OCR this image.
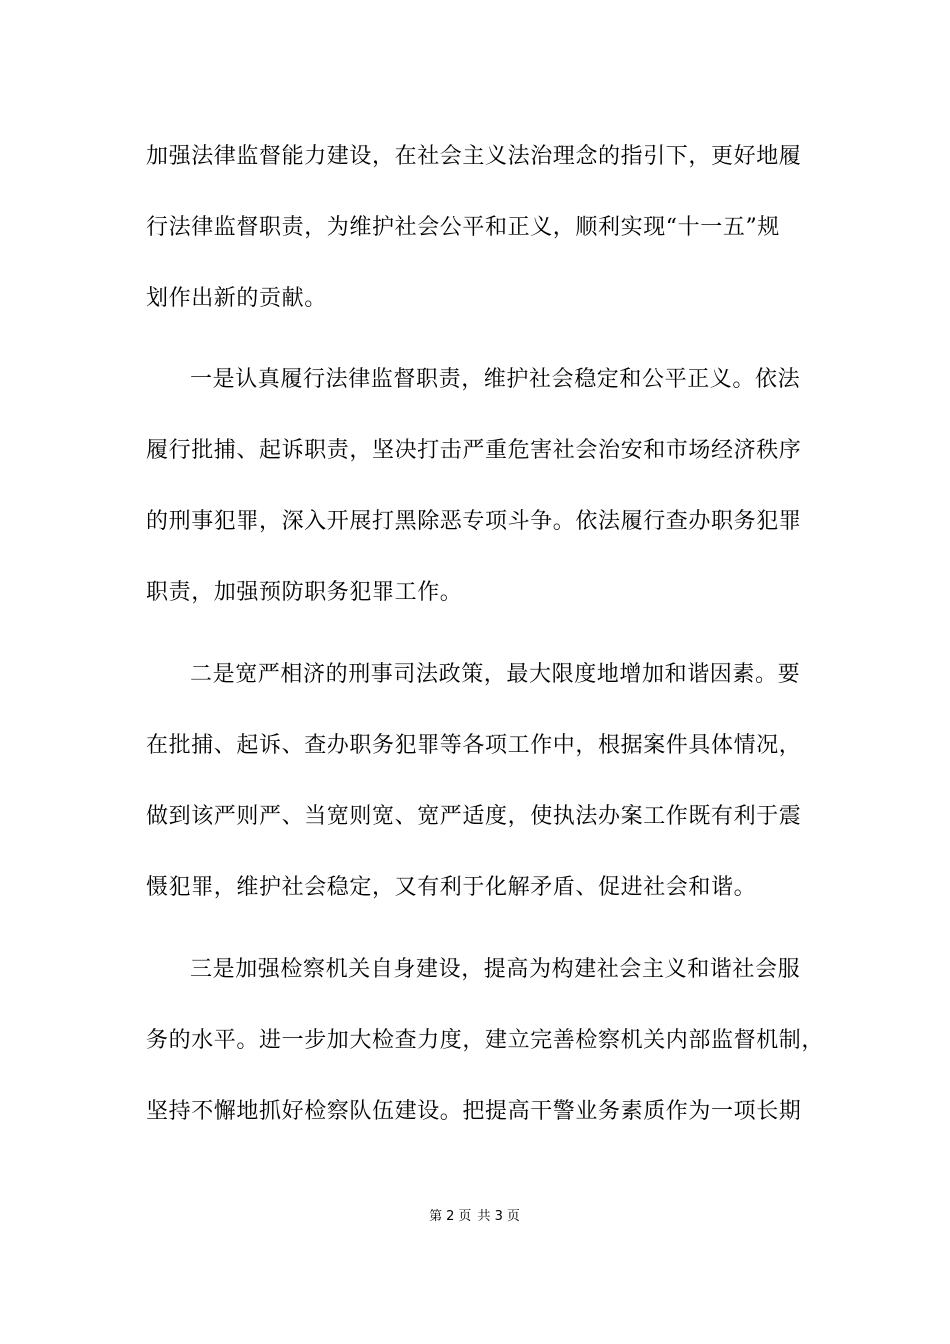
加强法律监督能力建设，在社会主义法治理念的指引下，更好地履
行法律监督职责，为维护社会公平和正义，顺利实现“十一五”规
划作出新的贡献。
一是认真履行法律监督职责，维护社会稳定和公平正义。依法
履行批捕、起诉职责，坚决打击严重危害社会治安和市场经济秩序
的刑事犯罪，深入开展打黑除恶专项斗争。依法履行查办职务犯罪
职责，加强预防职务犯罪工作。
二是宽严相济的刑事司法政策，最大限度地增加和谐因素。要
在批捕、起诉、查办职务犯罪等各项工作中，根据案件具体情况，
做到该严则严、当宽则宽、宽严适度，使执法办案工作既有利于震
慑犯罪，维护社会稳定，又有利于化解矛盾、促进社会和谐。
三是加强检察机关自身建设，提高为构建社会主义和谐社会服
务的水平。进一步加大检查力度，建立完善检察机关内部监督机制，
坚持不懈地抓好检察队伍建设。把提高干警业务素质作为一项长期
第 2 页 共 3 页
